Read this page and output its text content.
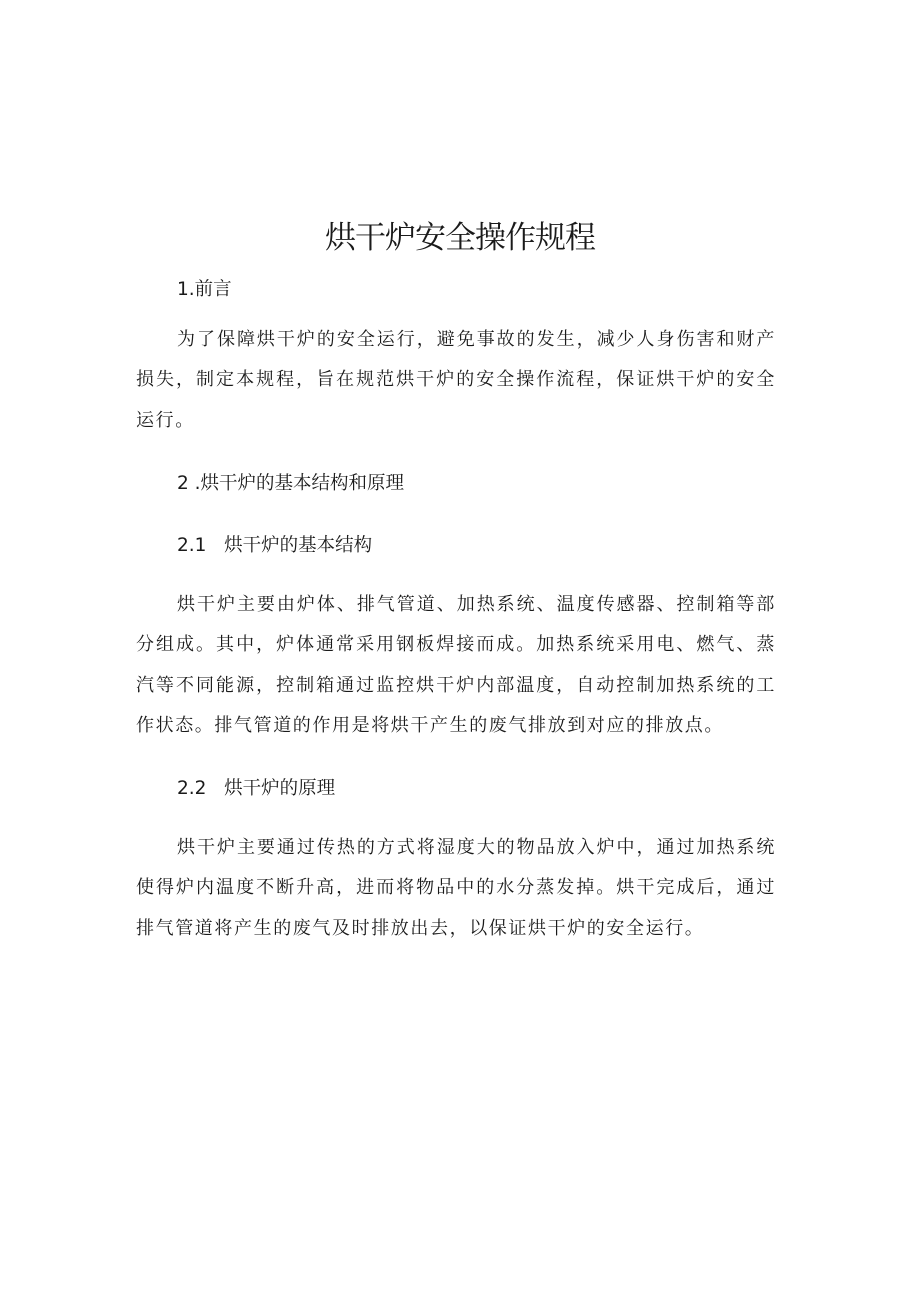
烘干炉安全操作规程

1.前言

为了保障烘干炉的安全运行，避免事故的发生，减少人身伤害和财产损失，制定本规程，旨在规范烘干炉的安全操作流程，保证烘干炉的安全运行。

2 .烘干炉的基本结构和原理

2.1   烘干炉的基本结构

烘干炉主要由炉体、排气管道、加热系统、温度传感器、控制箱等部分组成。其中，炉体通常采用钢板焊接而成。加热系统采用电、燃气、蒸汽等不同能源，控制箱通过监控烘干炉内部温度，自动控制加热系统的工作状态。排气管道的作用是将烘干产生的废气排放到对应的排放点。

2.2   烘干炉的原理

烘干炉主要通过传热的方式将湿度大的物品放入炉中，通过加热系统使得炉内温度不断升高，进而将物品中的水分蒸发掉。烘干完成后，通过排气管道将产生的废气及时排放出去，以保证烘干炉的安全运行。
